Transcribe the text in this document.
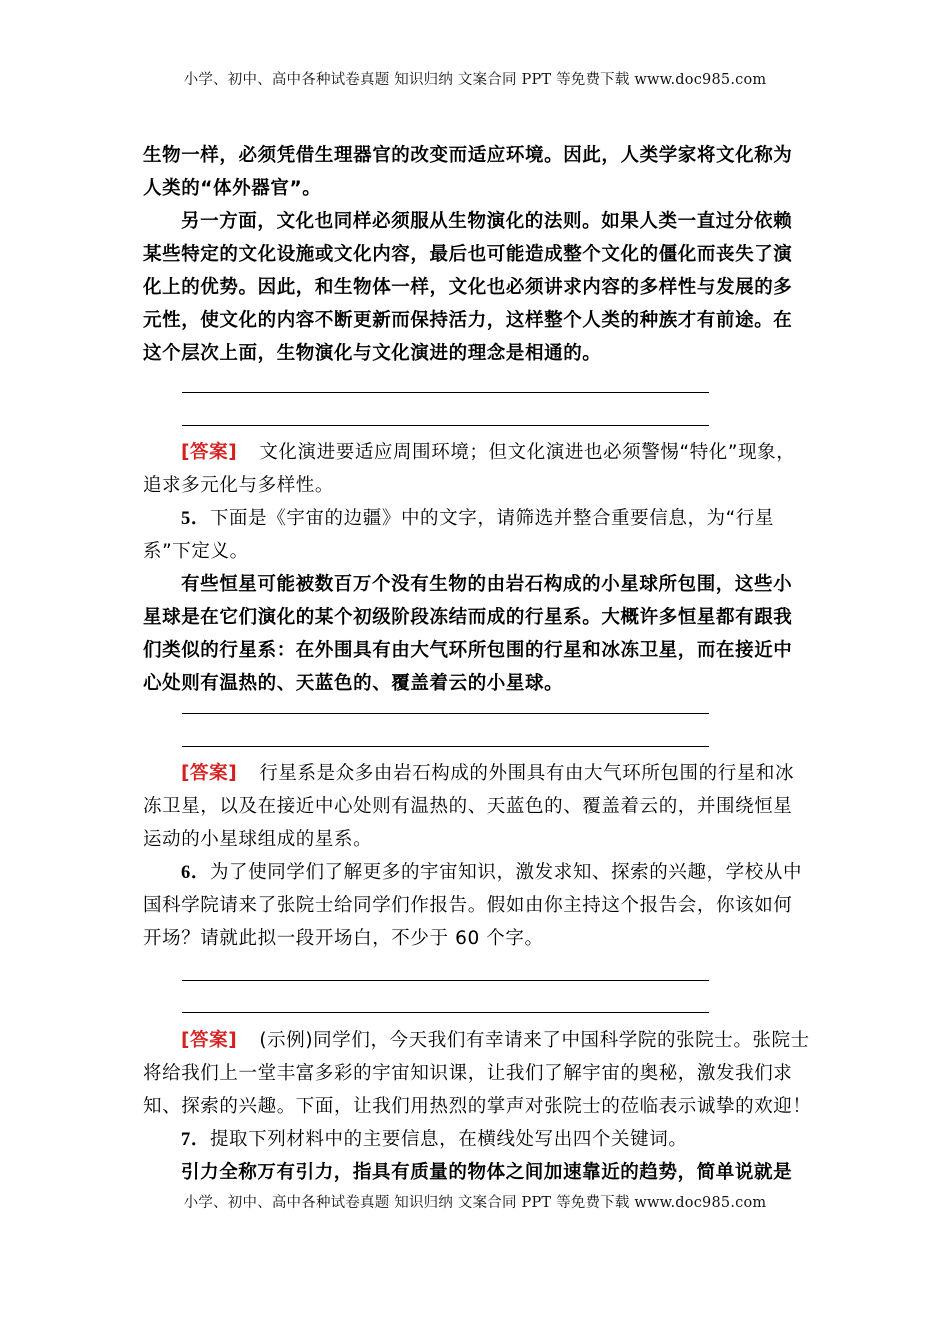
小学、初中、高中各种试卷真题 知识归纳 文案合同 PPT 等免费下载 www.doc985.com
生物一样，必须凭借生理器官的改变而适应环境。因此，人类学家将文化称为
人类的“体外器官”。
另一方面，文化也同样必须服从生物演化的法则。如果人类一直过分依赖
某些特定的文化设施或文化内容，最后也可能造成整个文化的僵化而丧失了演
化上的优势。因此，和生物体一样，文化也必须讲求内容的多样性与发展的多
元性，使文化的内容不断更新而保持活力，这样整个人类的种族才有前途。在
这个层次上面，生物演化与文化演进的理念是相通的。
[答案] 文化演进要适应周围环境；但文化演进也必须警惕“特化”现象，
追求多元化与多样性。
5．下面是《宇宙的边疆》中的文字，请筛选并整合重要信息，为“行星
系”下定义。
有些恒星可能被数百万个没有生物的由岩石构成的小星球所包围，这些小
星球是在它们演化的某个初级阶段冻结而成的行星系。大概许多恒星都有跟我
们类似的行星系：在外围具有由大气环所包围的行星和冰冻卫星，而在接近中
心处则有温热的、天蓝色的、覆盖着云的小星球。
[答案] 行星系是众多由岩石构成的外围具有由大气环所包围的行星和冰
冻卫星，以及在接近中心处则有温热的、天蓝色的、覆盖着云的，并围绕恒星
运动的小星球组成的星系。
6．为了使同学们了解更多的宇宙知识，激发求知、探索的兴趣，学校从中
国科学院请来了张院士给同学们作报告。假如由你主持这个报告会，你该如何
开场？请就此拟一段开场白，不少于 60 个字。
[答案] (示例)同学们，今天我们有幸请来了中国科学院的张院士。张院士
将给我们上一堂丰富多彩的宇宙知识课，让我们了解宇宙的奥秘，激发我们求
知、探索的兴趣。下面，让我们用热烈的掌声对张院士的莅临表示诚挚的欢迎！
7．提取下列材料中的主要信息，在横线处写出四个关键词。
引力全称万有引力，指具有质量的物体之间加速靠近的趋势，简单说就是
小学、初中、高中各种试卷真题 知识归纳 文案合同 PPT 等免费下载 www.doc985.com
